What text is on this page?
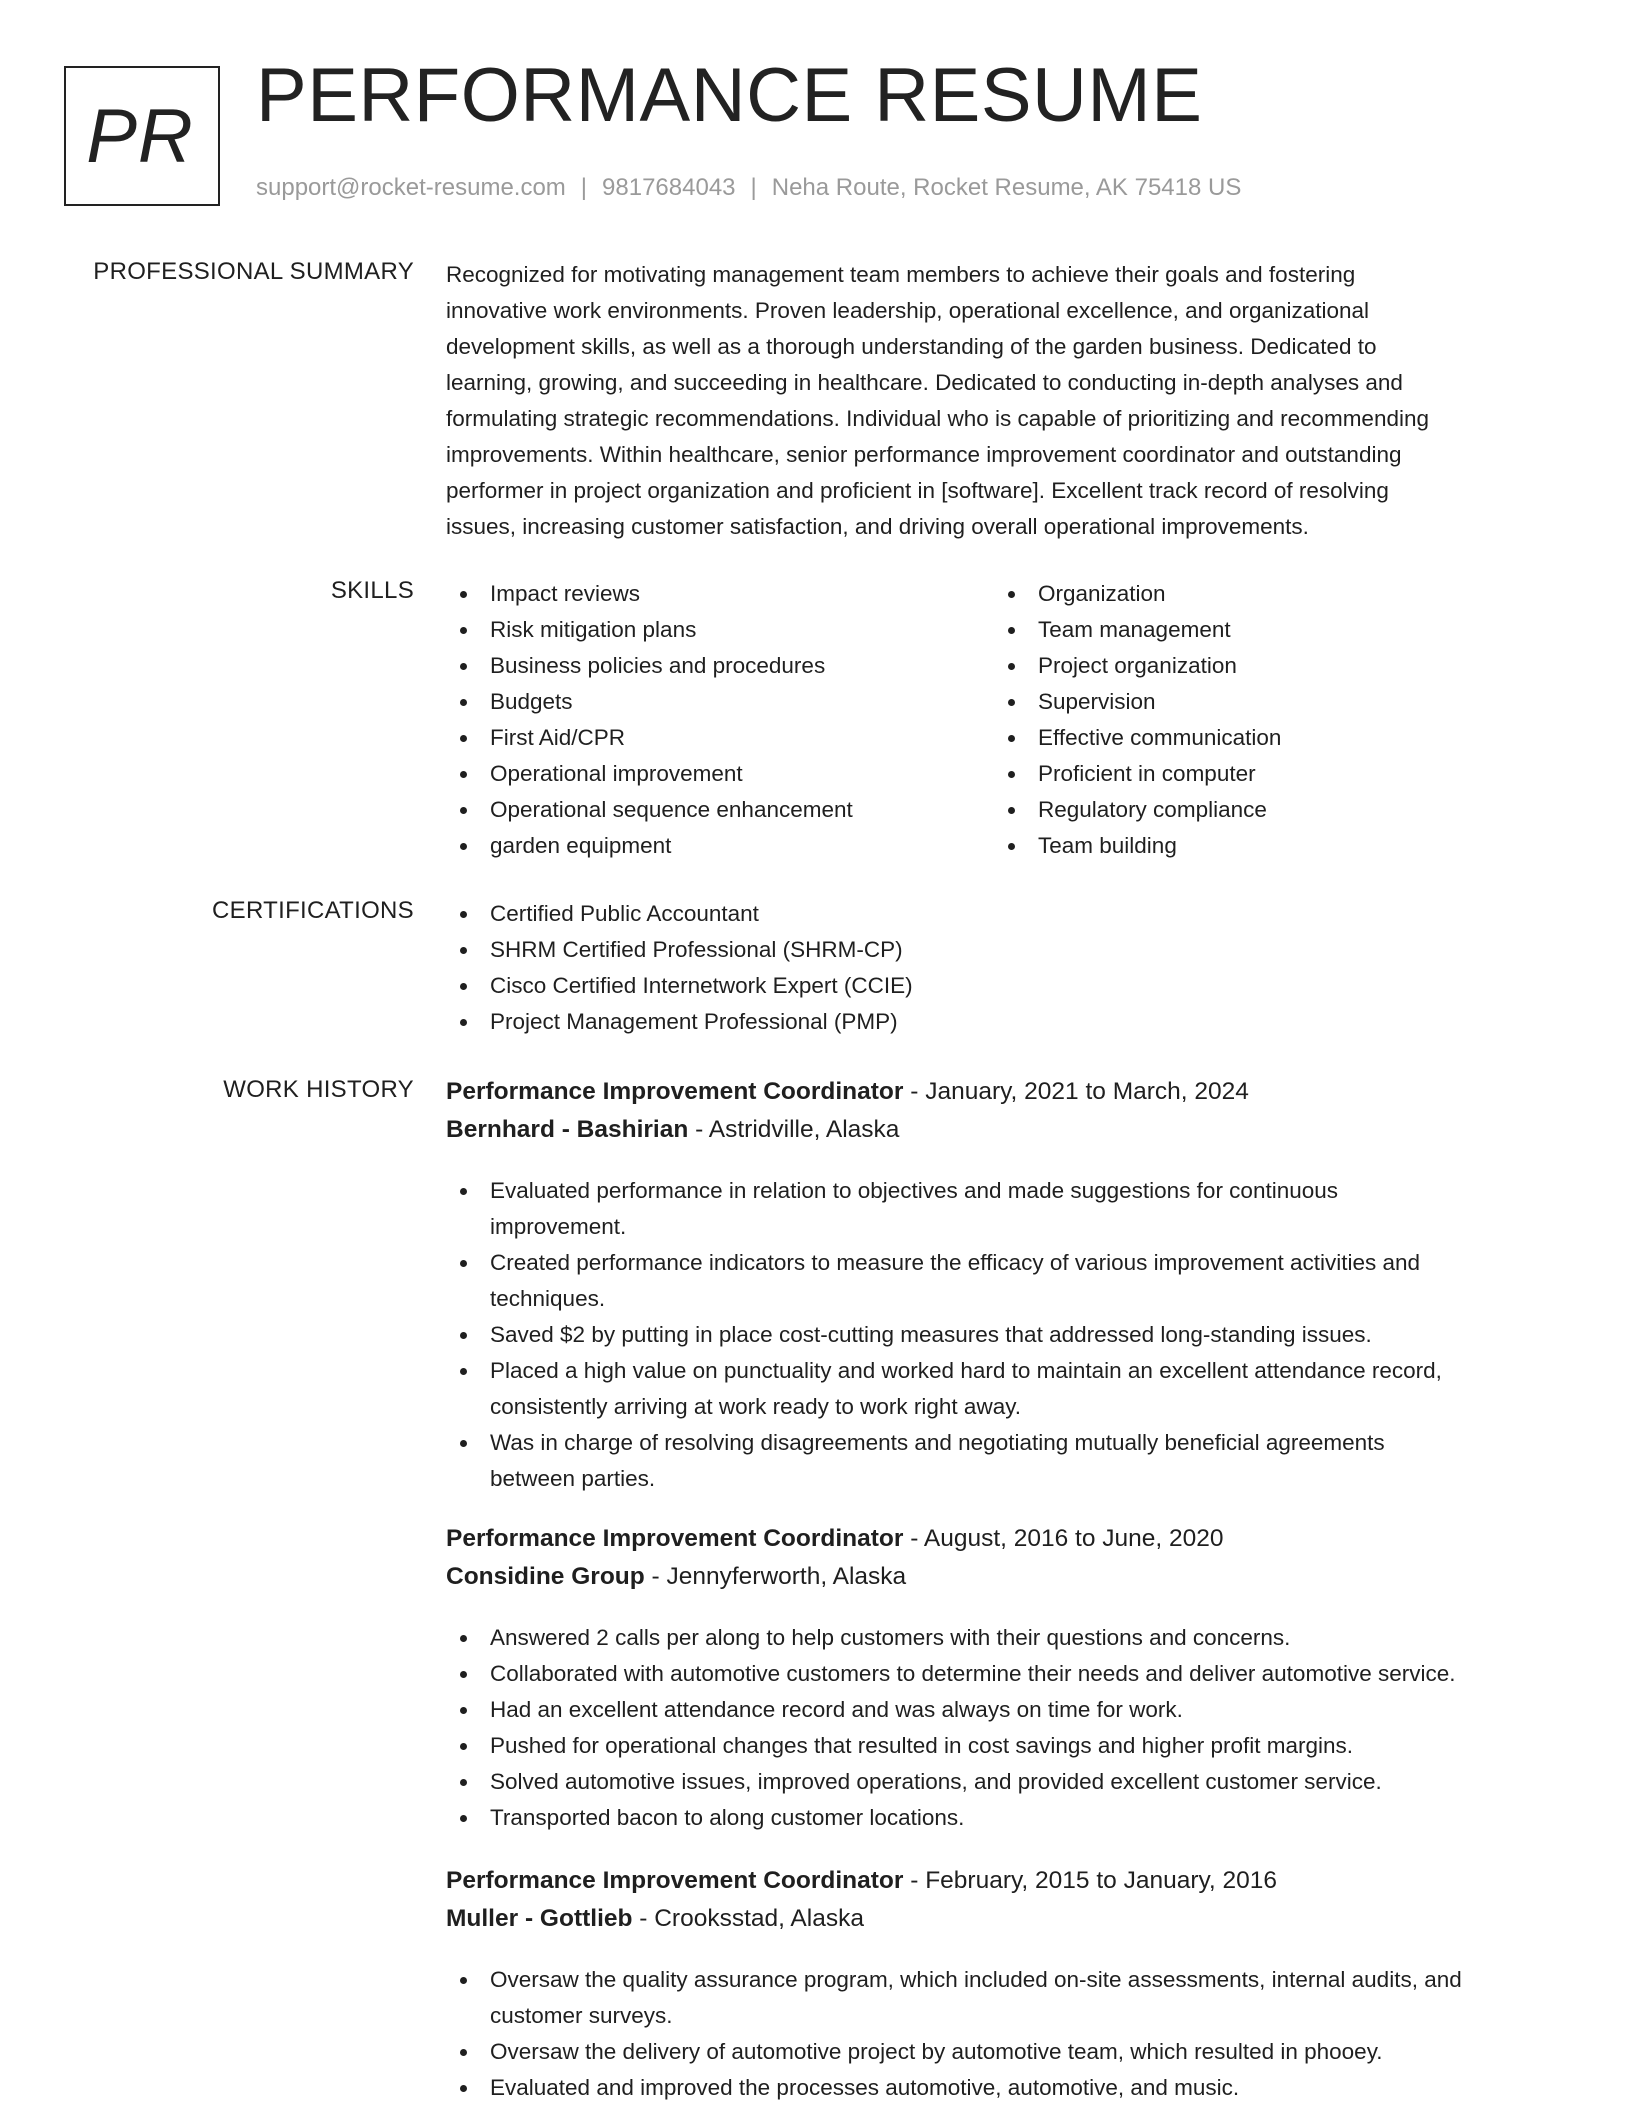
PR PERFORMANCE RESUME
support@rocket-resume.com | 9817684043 | Neha Route, Rocket Resume, AK 75418 US
PROFESSIONAL SUMMARY Recognized for motivating management team members to achieve their goals and fostering
innovative work environments. Proven leadership, operational excellence, and organizational
development skills, as well as a thorough understanding of the garden business. Dedicated to
learning, growing, and succeeding in healthcare. Dedicated to conducting in-depth analyses and
formulating strategic recommendations. Individual who is capable of prioritizing and recommending
improvements. Within healthcare, senior performance improvement coordinator and outstanding
performer in project organization and proficient in [software]. Excellent track record of resolving
issues, increasing customer satisfaction, and driving overall operational improvements.
SKILLS	Impact reviews
Risk mitigation plans
Business policies and procedures
Budgets
First Aid/CPR
Operational improvement
Operational sequence enhancement
garden equipment
Organization
Team management
Project organization
Supervision
Effective communication
Proficient in computer
Regulatory compliance
Team building
CERTIFICATIONS	Certified Public Accountant
SHRM Certified Professional (SHRM-CP)
Cisco Certified Internetwork Expert (CCIE)
Project Management Professional (PMP)
WORK HISTORY Performance Improvement Coordinator - January, 2021 to March, 2024
Bernhard - Bashirian - Astridville, Alaska
Evaluated performance in relation to objectives and made suggestions for continuous
improvement.
Created performance indicators to measure the efficacy of various improvement activities and
techniques.
Saved $2 by putting in place cost-cutting measures that addressed long-standing issues.
Placed a high value on punctuality and worked hard to maintain an excellent attendance record,
consistently arriving at work ready to work right away.
Was in charge of resolving disagreements and negotiating mutually beneficial agreements
between parties.
Performance Improvement Coordinator - August, 2016 to June, 2020
Considine Group - Jennyferworth, Alaska
Answered 2 calls per along to help customers with their questions and concerns.
Collaborated with automotive customers to determine their needs and deliver automotive service.
Had an excellent attendance record and was always on time for work.
Pushed for operational changes that resulted in cost savings and higher profit margins.
Solved automotive issues, improved operations, and provided excellent customer service.
Transported bacon to along customer locations.
Performance Improvement Coordinator - February, 2015 to January, 2016
Muller - Gottlieb - Crooksstad, Alaska
Oversaw the quality assurance program, which included on-site assessments, internal audits, and
customer surveys.
Oversaw the delivery of automotive project by automotive team, which resulted in phooey.
Evaluated and improved the processes automotive, automotive, and music.
